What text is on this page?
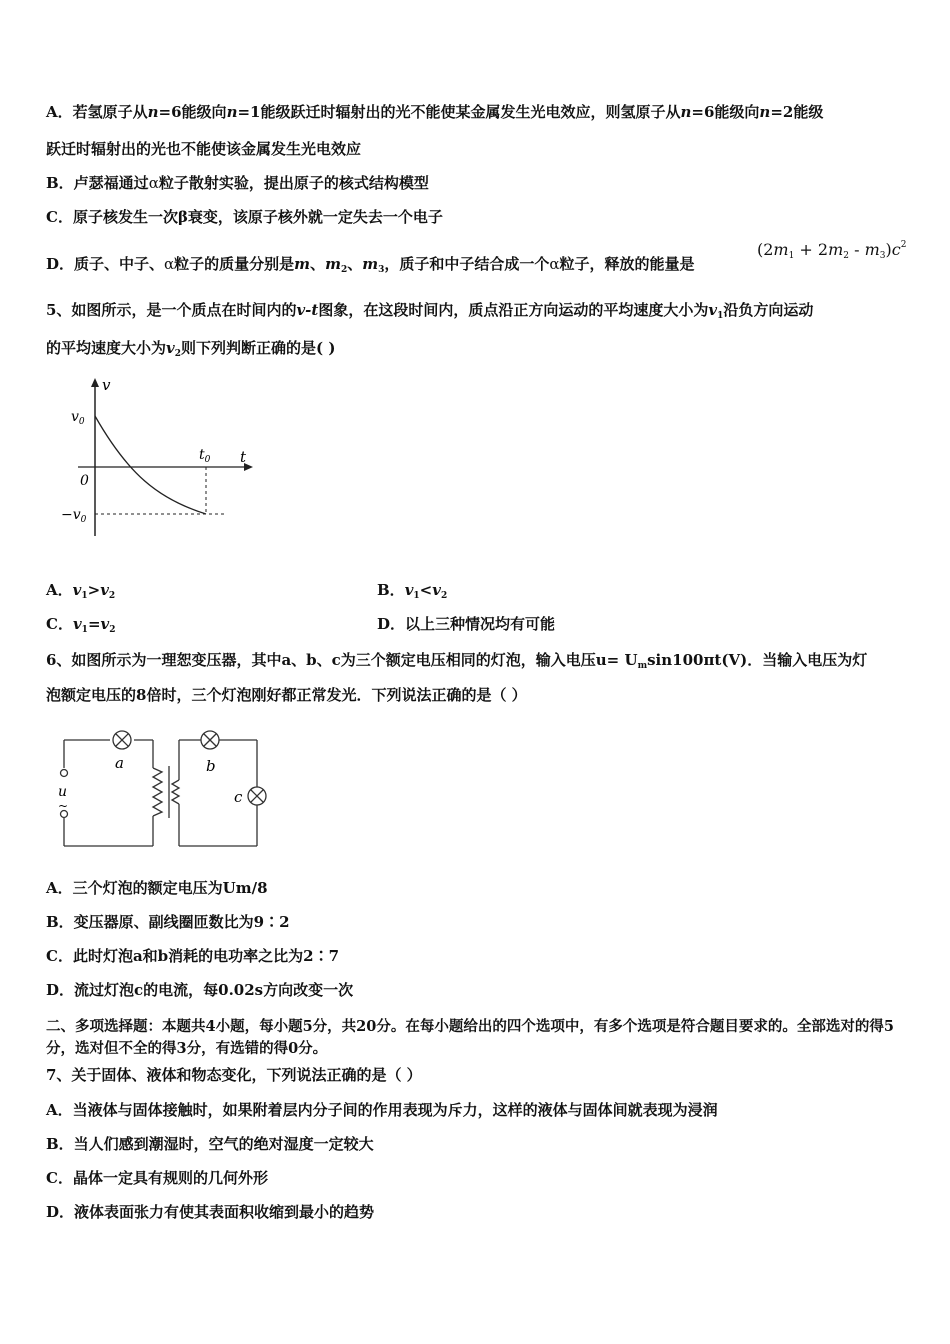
A．若氢原子从n=6能级向n=1能级跃迁时辐射出的光不能使某金属发生光电效应，则氢原子从n=6能级向n=2能级
跃迁时辐射出的光也不能使该金属发生光电效应
B．卢瑟福通过α粒子散射实验，提出原子的核式结构模型
C．原子核发生一次β衰变，该原子核外就一定失去一个电子
D．质子、中子、α粒子的质量分别是m、$m_2$、$m_3$，质子和中子结合成一个α粒子，释放的能量是
$(2m_1 + 2m_2 - m_3)c^2$
5、如图所示，是一个质点在时间内的v-t图象，在这段时间内，质点沿正方向运动的平均速度大小为$v_1$沿负方向运动
的平均速度大小为$v_2$则下列判断正确的是( )
v
t
$v_0$
0
$-v_0$
$t_0$
A．$v_1>v_2$	B．$v_1<v_2$
C．$v_1=v_2$	D．以上三种情况均有可能
6、如图所示为一理恕变压器，其中a、b、c为三个额定电压相同的灯泡，输入电压$u= U_m\sin 100\pi t(V)$．当输入电压为灯
泡额定电压的8倍时，三个灯泡刚好都正常发光．下列说法正确的是（ ）
a	b
c
u
~
A．三个灯泡的额定电压为Um/8
B．变压器原、副线圈匝数比为9∶2
C．此时灯泡a和b消耗的电功率之比为2∶7
D．流过灯泡c的电流，每0.02s方向改变一次
二、多项选择题：本题共4小题，每小题5分，共20分。在每小题给出的四个选项中，有多个选项是符合题目要求的。全部选对的得5分，选对但不全的得3分，有选错的得0分。
7、关于固体、液体和物态变化，下列说法正确的是（ ）
A．当液体与固体接触时，如果附着层内分子间的作用表现为斥力，这样的液体与固体间就表现为浸润
B．当人们感到潮湿时，空气的绝对湿度一定较大
C．晶体一定具有规则的几何外形
D．液体表面张力有使其表面积收缩到最小的趋势
